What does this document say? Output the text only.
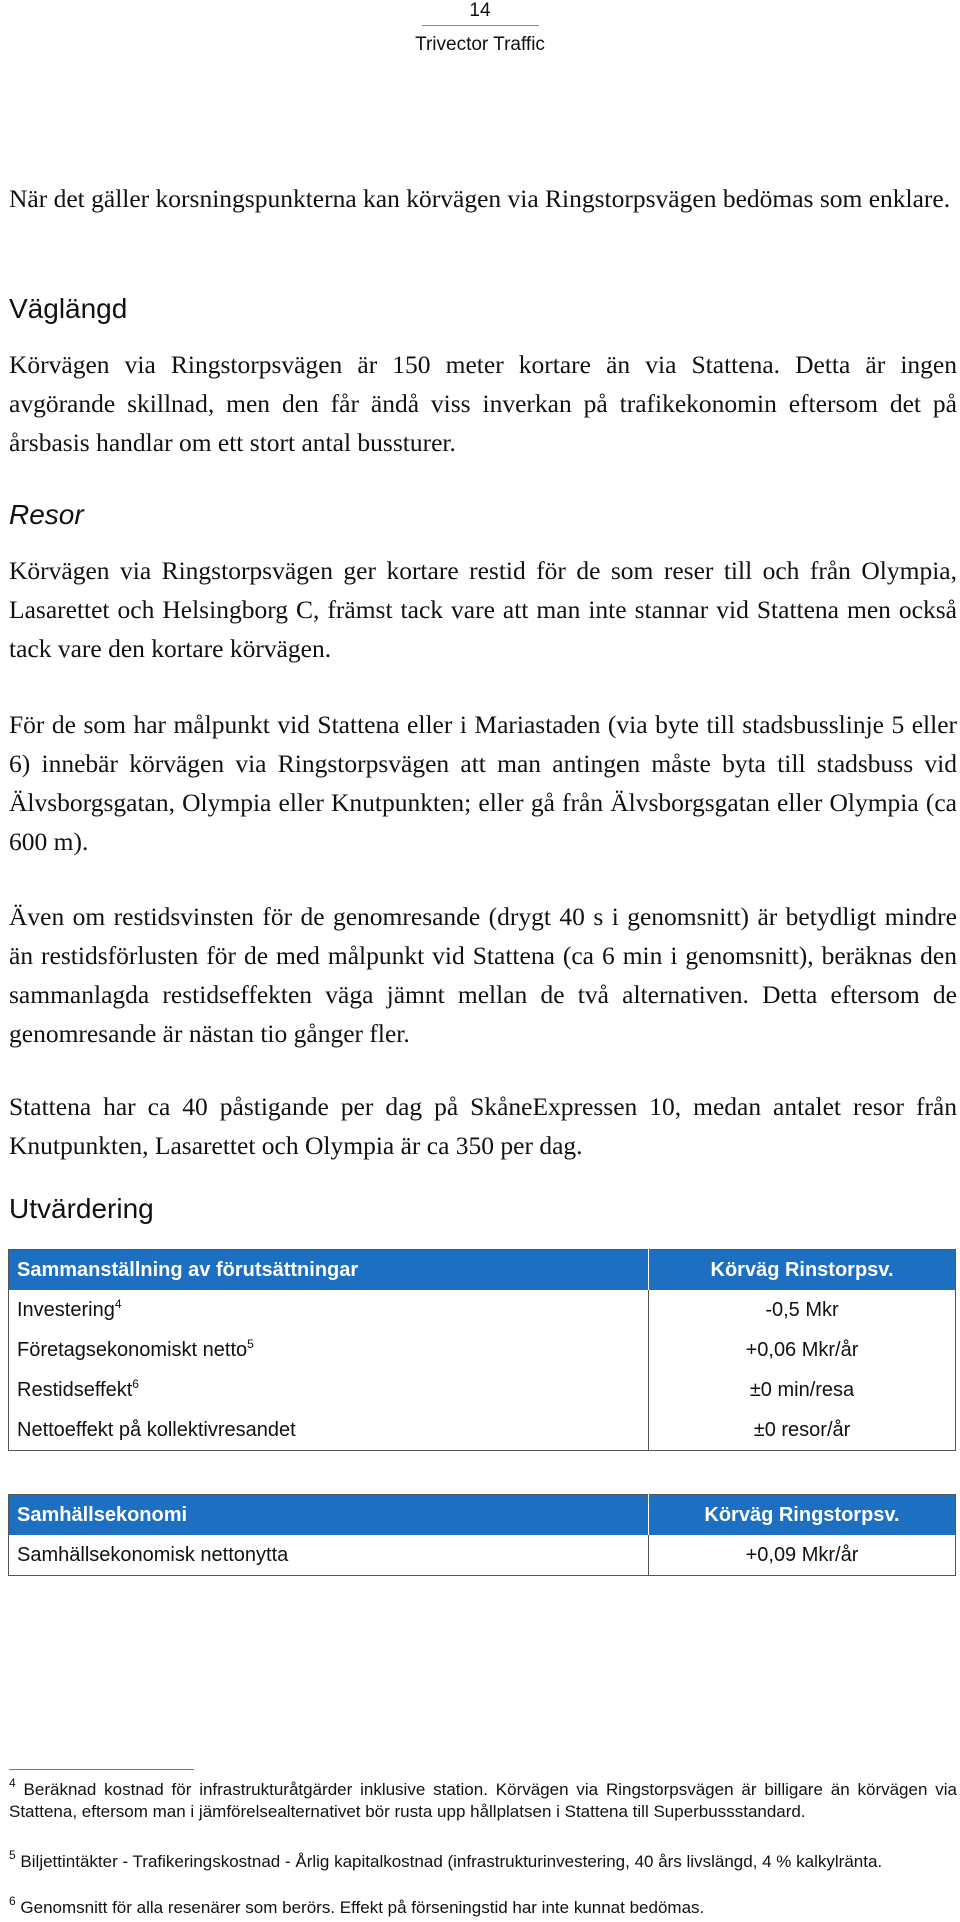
14
Trivector Traffic

När det gäller korsningspunkterna kan körvägen via Ringstorpsvägen bedömas som enklare.

Väglängd

Körvägen via Ringstorpsvägen är 150 meter kortare än via Stattena. Detta är ingen avgörande skillnad, men den får ändå viss inverkan på trafikekonomin eftersom det på årsbasis handlar om ett stort antal bussturer.

Resor

Körvägen via Ringstorpsvägen ger kortare restid för de som reser till och från Olympia, Lasarettet och Helsingborg C, främst tack vare att man inte stannar vid Stattena men också tack vare den kortare körvägen.

För de som har målpunkt vid Stattena eller i Mariastaden (via byte till stadsbusslinje 5 eller 6) innebär körvägen via Ringstorpsvägen att man antingen måste byta till stadsbuss vid Älvsborgsgatan, Olympia eller Knutpunkten; eller gå från Älvsborgsgatan eller Olympia (ca 600 m).

Även om restidsvinsten för de genomresande (drygt 40 s i genomsnitt) är betydligt mindre än restidsförlusten för de med målpunkt vid Stattena (ca 6 min i genomsnitt), beräknas den sammanlagda restidseffekten väga jämnt mellan de två alternativen. Detta eftersom de genomresande är nästan tio gånger fler.

Stattena har ca 40 påstigande per dag på SkåneExpressen 10, medan antalet resor från Knutpunkten, Lasarettet och Olympia är ca 350 per dag.

Utvärdering
Sammanställning av förutsättningar	Körväg Rinstorpsv.
Investering$^4$	-0,5 Mkr
Företagsekonomiskt netto$^5$	+0,06 Mkr/år
Restidseffekt$^6$	±0 min/resa
Nettoeffekt på kollektivresandet	±0 resor/år
Samhällsekonomi	Körväg Ringstorpsv.
Samhällsekonomisk nettonytta	+0,09 Mkr/år
$^4$ Beräknad kostnad för infrastrukturåtgärder inklusive station. Körvägen via Ringstorpsvägen är billigare än körvägen via Stattena, eftersom man i jämförelsealternativet bör rusta upp hållplatsen i Stattena till Superbussstandard.
$^5$ Biljettintäkter - Trafikeringskostnad - Årlig kapitalkostnad (infrastrukturinvestering, 40 års livslängd, 4 % kalkylränta.
$^6$ Genomsnitt för alla resenärer som berörs. Effekt på förseningstid har inte kunnat bedömas.
